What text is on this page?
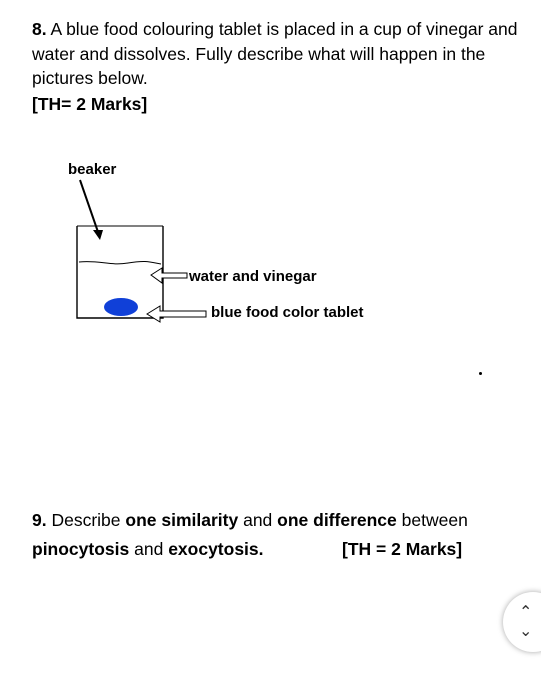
8. A blue food colouring tablet is placed in a cup of vinegar and water and dissolves. Fully describe what will happen in the pictures below.
[TH= 2 Marks]
beaker
water and vinegar
blue food color tablet
9. Describe one similarity and one difference between
pinocytosis and exocytosis.	[TH = 2 Marks]
⌃
⌄
